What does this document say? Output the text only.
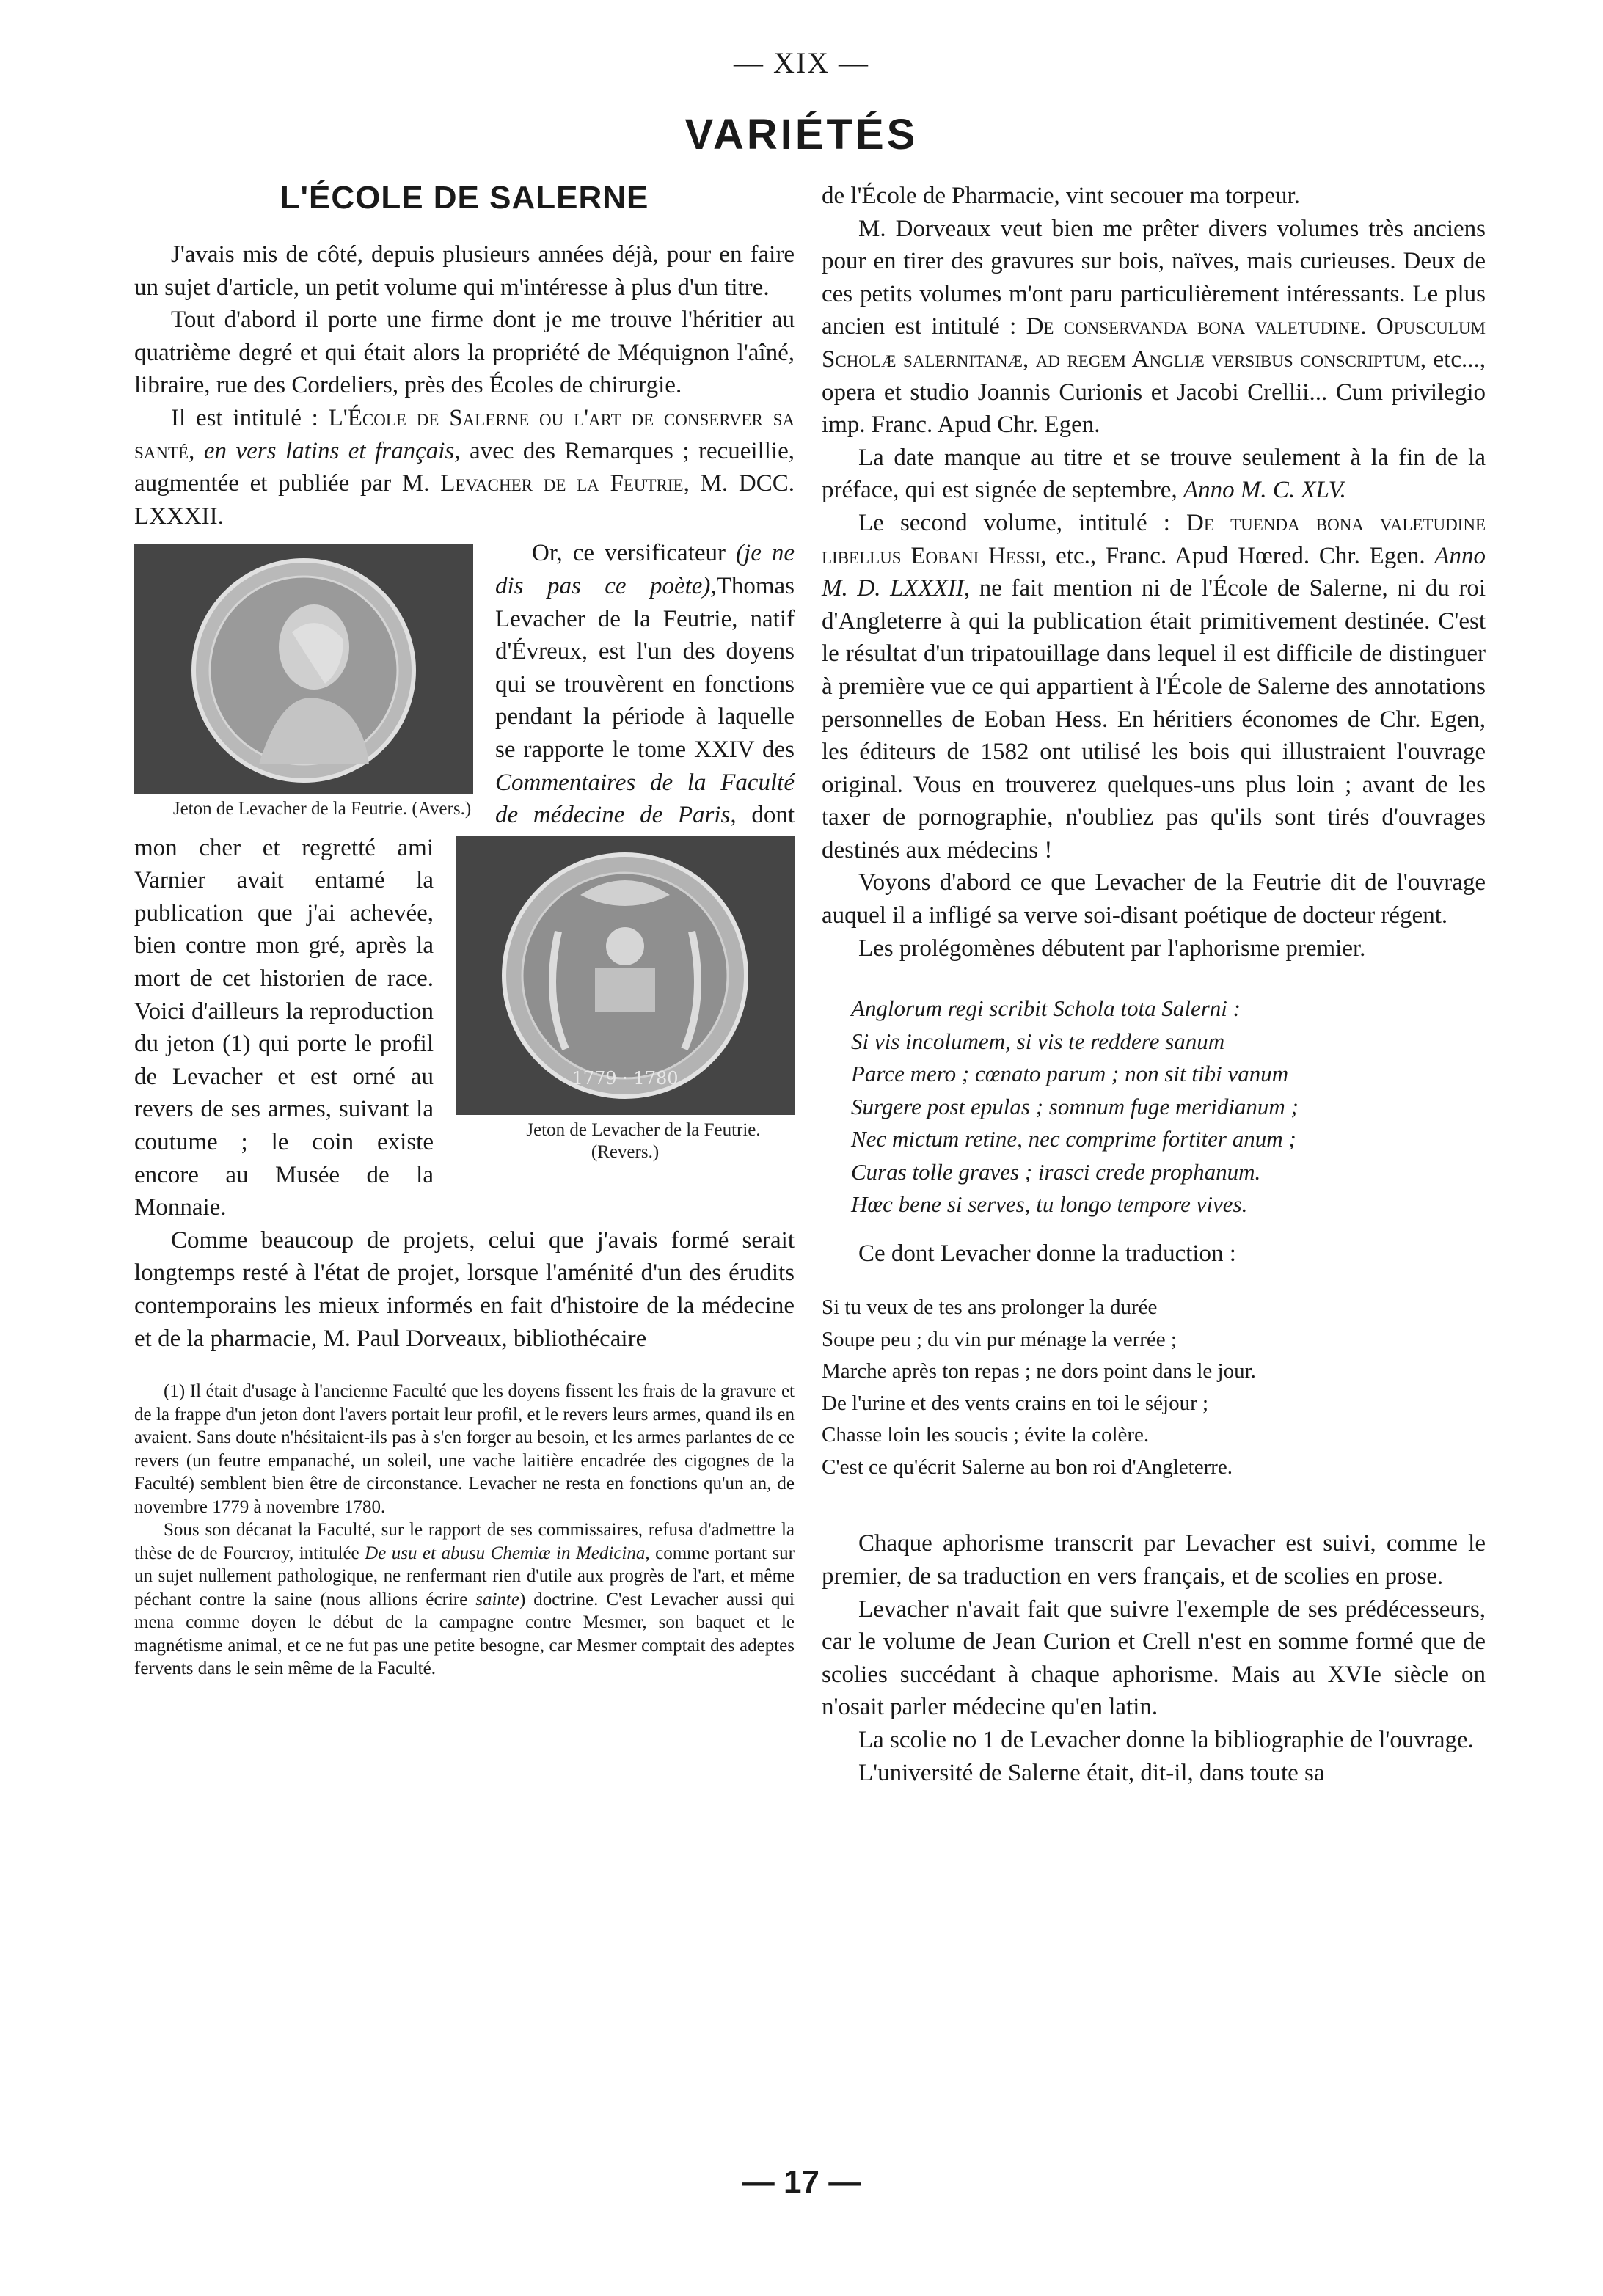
— XIX —
VARIÉTÉS
L'ÉCOLE DE SALERNE

J'avais mis de côté, depuis plusieurs années déjà, pour en faire un sujet d'article, un petit volume qui m'intéresse à plus d'un titre.

Tout d'abord il porte une firme dont je me trouve l'héritier au quatrième degré et qui était alors la propriété de Méquignon l'aîné, libraire, rue des Cordeliers, près des Écoles de chirurgie.

Il est intitulé : L'École de Salerne ou l'art de conserver sa santé, en vers latins et français, avec des Remarques ; recueillie, augmentée et publiée par M. Levacher de la Feutrie, M. DCC. LXXXII.

Jeton de Levacher de la Feutrie. (Avers.)
Or, ce versificateur (je ne dis pas ce poète),Thomas Levacher de la Feutrie, natif d'Évreux, est l'un des doyens qui se trouvèrent en fonctions pendant la période à laquelle se rapporte le tome XXIV des Commentaires de la Faculté de médecine de Paris,
1779 · 1780
Jeton de Levacher de la Feutrie. (Revers.)
dont mon cher et regretté ami Varnier avait entamé la publication que j'ai achevée, bien contre mon gré, après la mort de cet historien de race. Voici d'ailleurs la reproduction du jeton (1) qui porte le profil de Levacher et est orné au revers de ses armes, suivant la coutume ; le coin existe encore au Musée de la Monnaie.

Comme beaucoup de projets, celui que j'avais formé serait longtemps resté à l'état de projet, lorsque l'aménité d'un des érudits contemporains les mieux informés en fait d'histoire de la médecine et de la pharmacie, M. Paul Dorveaux, bibliothécaire

(1) Il était d'usage à l'ancienne Faculté que les doyens fissent les frais de la gravure et de la frappe d'un jeton dont l'avers portait leur profil, et le revers leurs armes, quand ils en avaient. Sans doute n'hésitaient-ils pas à s'en forger au besoin, et les armes parlantes de ce revers (un feutre empanaché, un soleil, une vache laitière encadrée des cigognes de la Faculté) semblent bien être de circonstance. Levacher ne resta en fonctions qu'un an, de novembre 1779 à novembre 1780.

Sous son décanat la Faculté, sur le rapport de ses commissaires, refusa d'admettre la thèse de de Fourcroy, intitulée De usu et abusu Chemiæ in Medicina, comme portant sur un sujet nullement pathologique, ne renfermant rien d'utile aux progrès de l'art, et même péchant contre la saine (nous allions écrire sainte) doctrine. C'est Levacher aussi qui mena comme doyen le début de la campagne contre Mesmer, son baquet et le magnétisme animal, et ce ne fut pas une petite besogne, car Mesmer comptait des adeptes fervents dans le sein même de la Faculté.

de l'École de Pharmacie, vint secouer ma torpeur.

M. Dorveaux veut bien me prêter divers volumes très anciens pour en tirer des gravures sur bois, naïves, mais curieuses. Deux de ces petits volumes m'ont paru particulièrement intéressants. Le plus ancien est intitulé : De conservanda bona valetudine. Opusculum Scholæ salernitanæ, ad regem Angliæ versibus conscriptum, etc..., opera et studio Joannis Curionis et Jacobi Crellii... Cum privilegio imp. Franc. Apud Chr. Egen.

La date manque au titre et se trouve seulement à la fin de la préface, qui est signée de septembre, Anno M. C. XLV.

Le second volume, intitulé : De tuenda bona valetudine libellus Eobani Hessi, etc., Franc. Apud Hœred. Chr. Egen. Anno M. D. LXXXII, ne fait mention ni de l'École de Salerne, ni du roi d'Angleterre à qui la publication était primitivement destinée. C'est le résultat d'un tripatouillage dans lequel il est difficile de distinguer à première vue ce qui appartient à l'École de Salerne des annotations personnelles de Eoban Hess. En héritiers économes de Chr. Egen, les éditeurs de 1582 ont utilisé les bois qui illustraient l'ouvrage original. Vous en trouverez quelques-uns plus loin ; avant de les taxer de pornographie, n'oubliez pas qu'ils sont tirés d'ouvrages destinés aux médecins !

Voyons d'abord ce que Levacher de la Feutrie dit de l'ouvrage auquel il a infligé sa verve soi-disant poétique de docteur régent.

Les prolégomènes débutent par l'aphorisme premier.

Anglorum regi scribit Schola tota Salerni :
Si vis incolumem, si vis te reddere sanum
Parce mero ; cœnato parum ; non sit tibi vanum
Surgere post epulas ; somnum fuge meridianum ;
Nec mictum retine, nec comprime fortiter anum ;
Curas tolle graves ; irasci crede prophanum.
Hœc bene si serves, tu longo tempore vives.

Ce dont Levacher donne la traduction :

Si tu veux de tes ans prolonger la durée
Soupe peu ; du vin pur ménage la verrée ;
Marche après ton repas ; ne dors point dans le jour.
De l'urine et des vents crains en toi le séjour ;
Chasse loin les soucis ; évite la colère.
C'est ce qu'écrit Salerne au bon roi d'Angleterre.

Chaque aphorisme transcrit par Levacher est suivi, comme le premier, de sa traduction en vers français, et de scolies en prose.

Levacher n'avait fait que suivre l'exemple de ses prédécesseurs, car le volume de Jean Curion et Crell n'est en somme formé que de scolies succédant à chaque aphorisme. Mais au XVIe siècle on n'osait parler médecine qu'en latin.

La scolie no 1 de Levacher donne la bibliographie de l'ouvrage.

L'université de Salerne était, dit-il, dans toute sa

— 17 —
